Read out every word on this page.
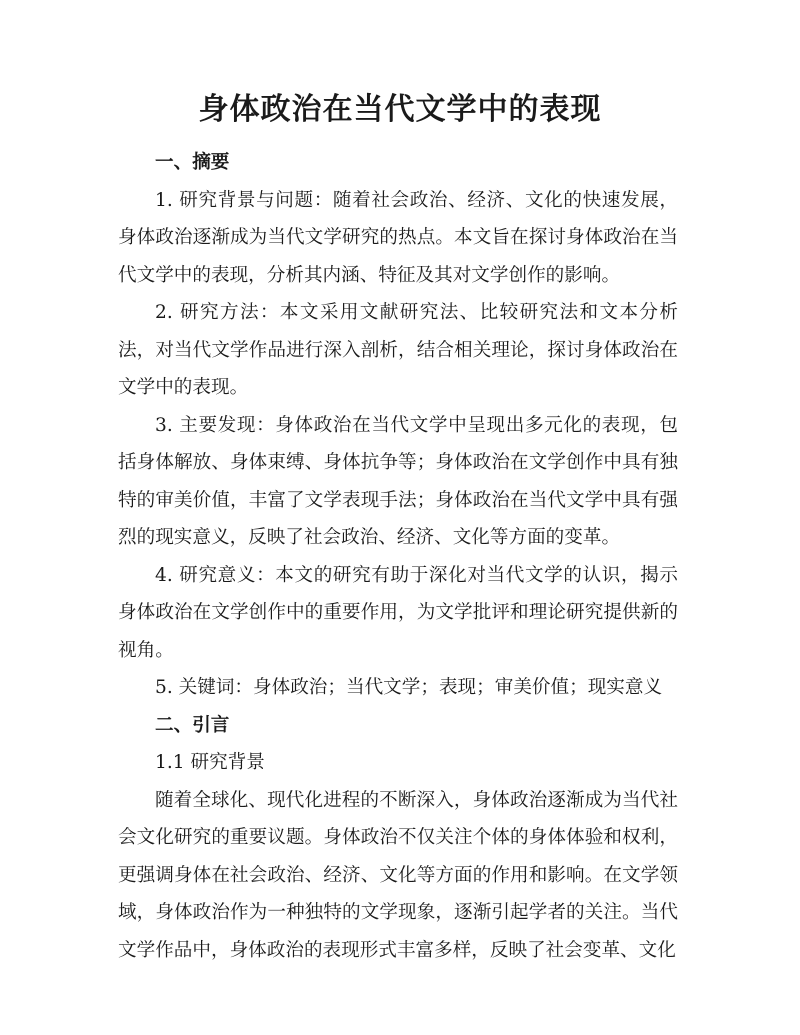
身体政治在当代文学中的表现

一、摘要

1. 研究背景与问题：随着社会政治、经济、文化的快速发展，身体政治逐渐成为当代文学研究的热点。本文旨在探讨身体政治在当代文学中的表现，分析其内涵、特征及其对文学创作的影响。

2. 研究方法：本文采用文献研究法、比较研究法和文本分析法，对当代文学作品进行深入剖析，结合相关理论，探讨身体政治在文学中的表现。

3. 主要发现：身体政治在当代文学中呈现出多元化的表现，包括身体解放、身体束缚、身体抗争等；身体政治在文学创作中具有独特的审美价值，丰富了文学表现手法；身体政治在当代文学中具有强烈的现实意义，反映了社会政治、经济、文化等方面的变革。

4. 研究意义：本文的研究有助于深化对当代文学的认识，揭示身体政治在文学创作中的重要作用，为文学批评和理论研究提供新的视角。

5. 关键词：身体政治；当代文学；表现；审美价值；现实意义

二、引言

1.1 研究背景

随着全球化、现代化进程的不断深入，身体政治逐渐成为当代社会文化研究的重要议题。身体政治不仅关注个体的身体体验和权利，更强调身体在社会政治、经济、文化等方面的作用和影响。在文学领域，身体政治作为一种独特的文学现象，逐渐引起学者的关注。当代文学作品中，身体政治的表现形式丰富多样，反映了社会变革、文化
